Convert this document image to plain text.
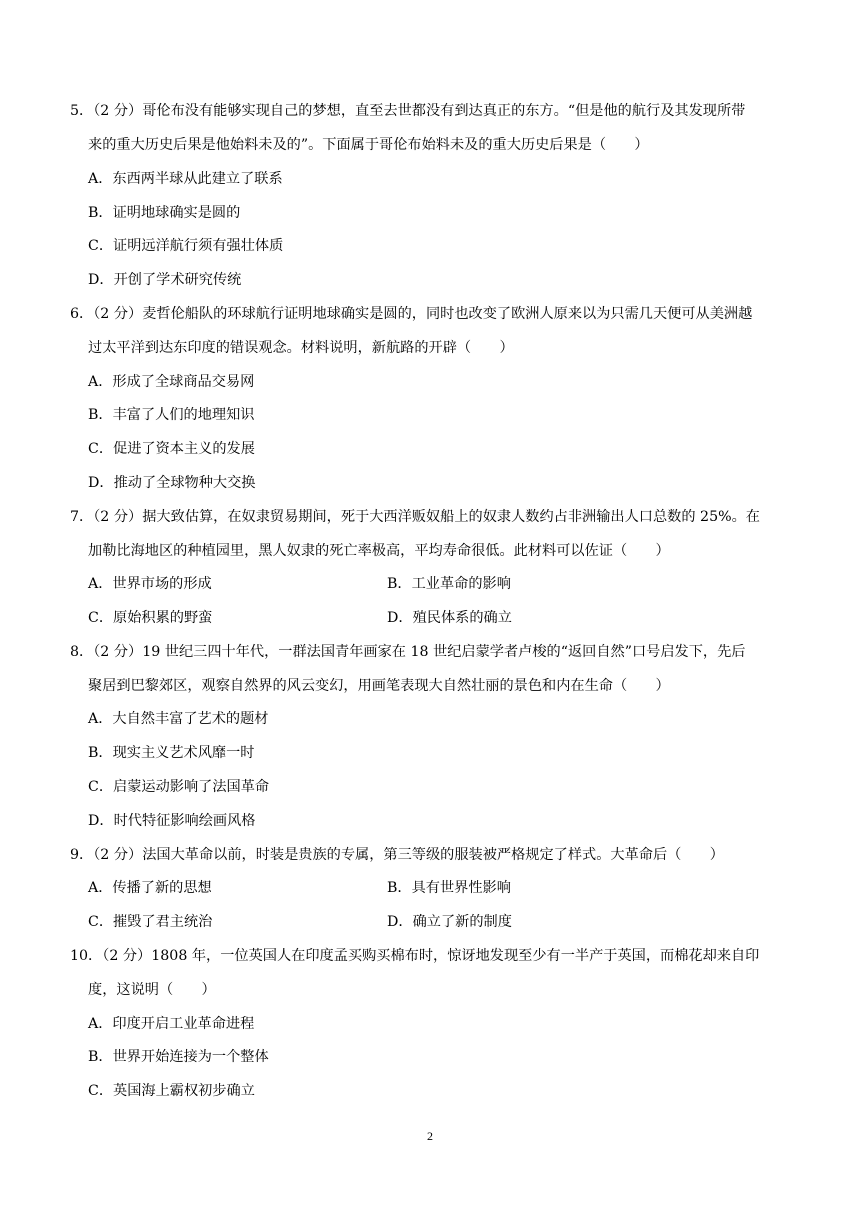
5．（2 分）哥伦布没有能够实现自己的梦想，直至去世都没有到达真正的东方。“但是他的航行及其发现所带
来的重大历史后果是他始料未及的”。下面属于哥伦布始料未及的重大历史后果是（　　）
A．东西两半球从此建立了联系
B．证明地球确实是圆的
C．证明远洋航行须有强壮体质
D．开创了学术研究传统
6．（2 分）麦哲伦船队的环球航行证明地球确实是圆的，同时也改变了欧洲人原来以为只需几天便可从美洲越
过太平洋到达东印度的错误观念。材料说明，新航路的开辟（　　）
A．形成了全球商品交易网
B．丰富了人们的地理知识
C．促进了资本主义的发展
D．推动了全球物种大交换
7．（2 分）据大致估算，在奴隶贸易期间，死于大西洋贩奴船上的奴隶人数约占非洲输出人口总数的 25%。在
加勒比海地区的种植园里，黑人奴隶的死亡率极高，平均寿命很低。此材料可以佐证（　　）
A．世界市场的形成	B．工业革命的影响
C．原始积累的野蛮	D．殖民体系的确立
8．（2 分）19 世纪三四十年代，一群法国青年画家在 18 世纪启蒙学者卢梭的“返回自然”口号启发下，先后
聚居到巴黎郊区，观察自然界的风云变幻，用画笔表现大自然壮丽的景色和内在生命（　　）
A．大自然丰富了艺术的题材
B．现实主义艺术风靡一时
C．启蒙运动影响了法国革命
D．时代特征影响绘画风格
9．（2 分）法国大革命以前，时装是贵族的专属，第三等级的服装被严格规定了样式。大革命后（　　）
A．传播了新的思想	B．具有世界性影响
C．摧毁了君主统治	D．确立了新的制度
10．（2 分）1808 年，一位英国人在印度孟买购买棉布时，惊讶地发现至少有一半产于英国，而棉花却来自印
度，这说明（　　）
A．印度开启工业革命进程
B．世界开始连接为一个整体
C．英国海上霸权初步确立
2
